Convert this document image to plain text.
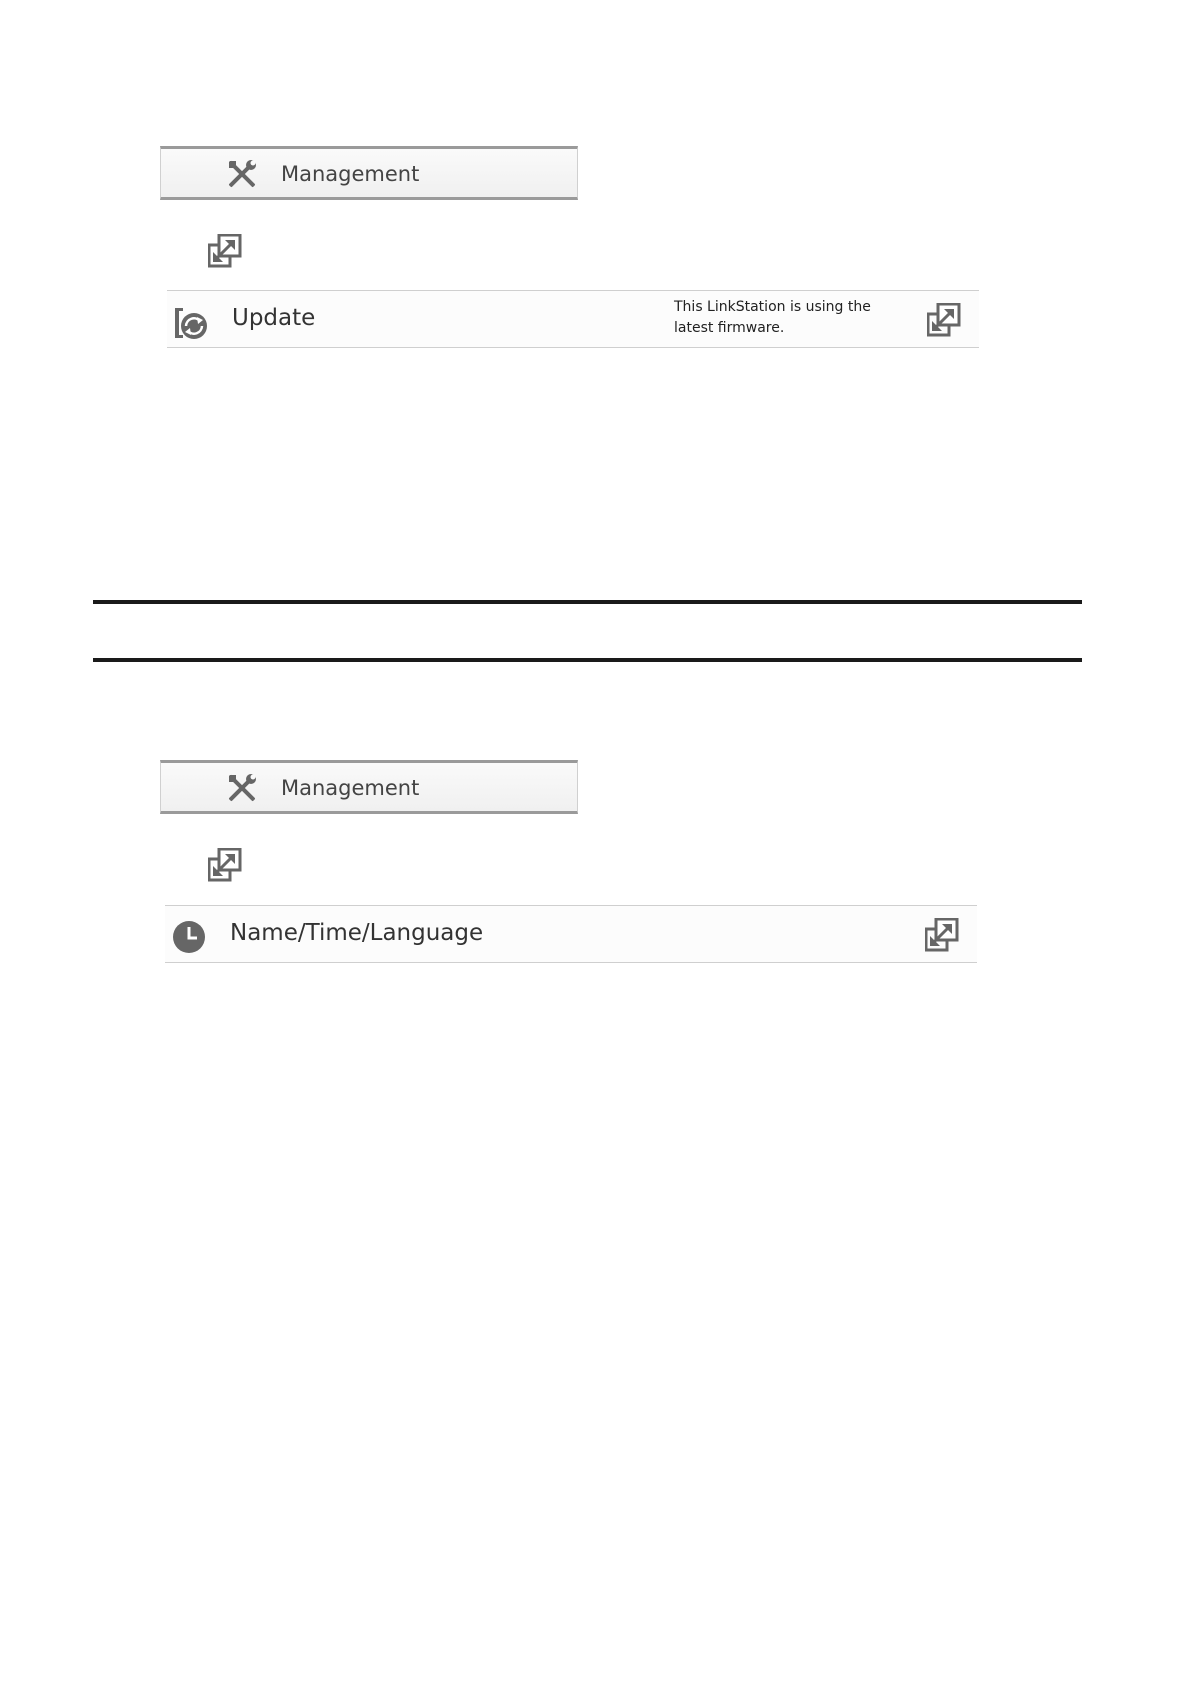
Management
Update	This LinkStation is using the
latest firmware.
Management
Name/Time/Language
